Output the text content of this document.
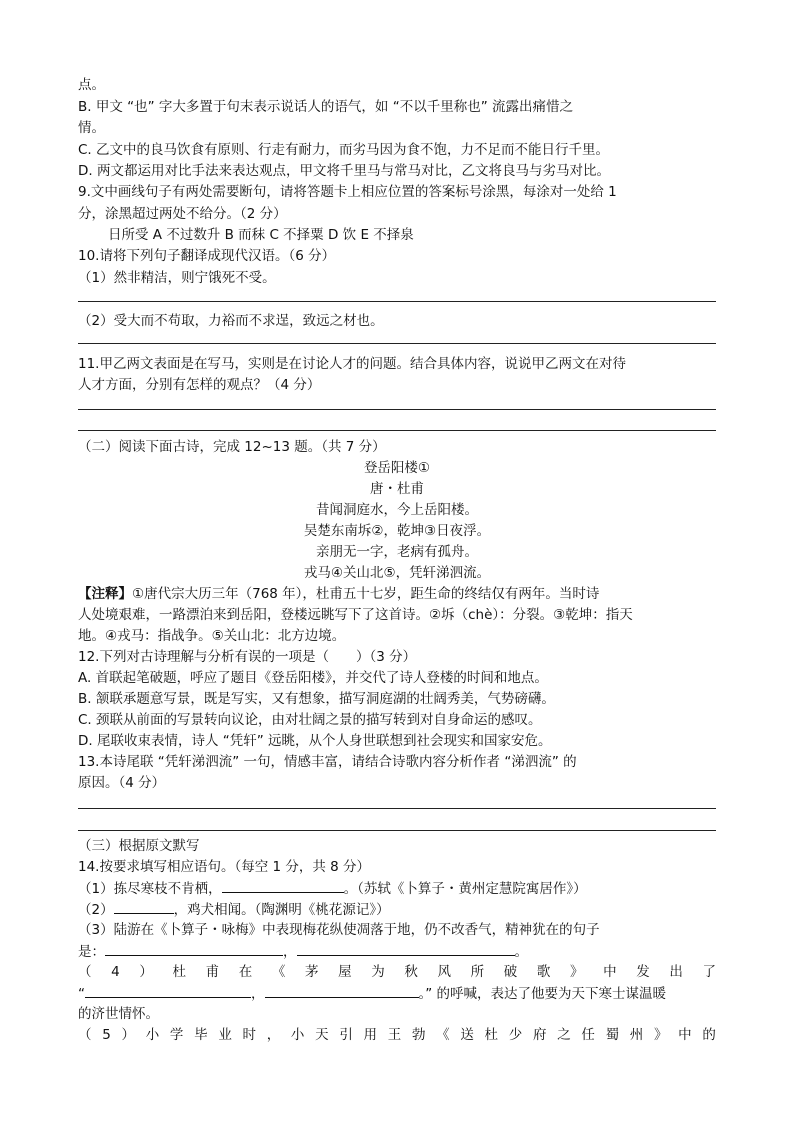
点。
B. 甲文 “也” 字大多置于句末表示说话人的语气，如 “不以千里称也” 流露出痛惜之
情。
C. 乙文中的良马饮食有原则、行走有耐力，而劣马因为食不饱，力不足而不能日行千里。
D. 两文都运用对比手法来表达观点，甲文将千里马与常马对比，乙文将良马与劣马对比。
9.文中画线句子有两处需要断句，请将答题卡上相应位置的答案标号涂黑，每涂对一处给 1
分，涂黑超过两处不给分。（2 分）
日所受 A 不过数升 B 而秣 C 不择粟 D 饮 E 不择泉
10.请将下列句子翻译成现代汉语。（6 分）
（1）然非精洁，则宁饿死不受。
（2）受大而不苟取，力裕而不求逞，致远之材也。
11.甲乙两文表面是在写马，实则是在讨论人才的问题。结合具体内容，说说甲乙两文在对待
人才方面，分别有怎样的观点？（4 分）
（二）阅读下面古诗，完成 12~13 题。（共 7 分）
登岳阳楼①
唐・杜甫
昔闻洞庭水，今上岳阳楼。
吴楚东南坼②，乾坤③日夜浮。
亲朋无一字，老病有孤舟。
戎马④关山北⑤，凭轩涕泗流。
【注释】①唐代宗大历三年（768 年），杜甫五十七岁，距生命的终结仅有两年。当时诗
人处境艰难，一路漂泊来到岳阳，登楼远眺写下了这首诗。②坼（chè）：分裂。③乾坤：指天
地。④戎马：指战争。⑤关山北：北方边境。
12.下列对古诗理解与分析有误的一项是（　　）（3 分）
A. 首联起笔破题，呼应了题目《登岳阳楼》，并交代了诗人登楼的时间和地点。
B. 颔联承题意写景，既是写实，又有想象，描写洞庭湖的壮阔秀美，气势磅礴。
C. 颈联从前面的写景转向议论，由对壮阔之景的描写转到对自身命运的感叹。
D. 尾联收束表情，诗人 “凭轩” 远眺，从个人身世联想到社会现实和国家安危。
13.本诗尾联 “凭轩涕泗流” 一句，情感丰富，请结合诗歌内容分析作者 “涕泗流” 的
原因。（4 分）
（三）根据原文默写
14.按要求填写相应语句。（每空 1 分，共 8 分）
（1）拣尽寒枝不肯栖，	。（苏轼《卜算子・黄州定慧院寓居作》）
（2）	，鸡犬相闻。（陶渊明《桃花源记》）
（3）陆游在《卜算子・咏梅》中表现梅花纵使凋落于地，仍不改香气，精神犹在的句子
是：	，	。
（ 4 ） 杜 甫 在 《 茅 屋 为 秋 风 所 破 歌 》 中 发 出 了
“	，	。” 的呼喊，表达了他要为天下寒士谋温暖
的济世情怀。
（ 5 ） 小 学 毕 业 时 ， 小 天 引 用 王 勃 《 送 杜 少 府 之 任 蜀 州 》 中 的
